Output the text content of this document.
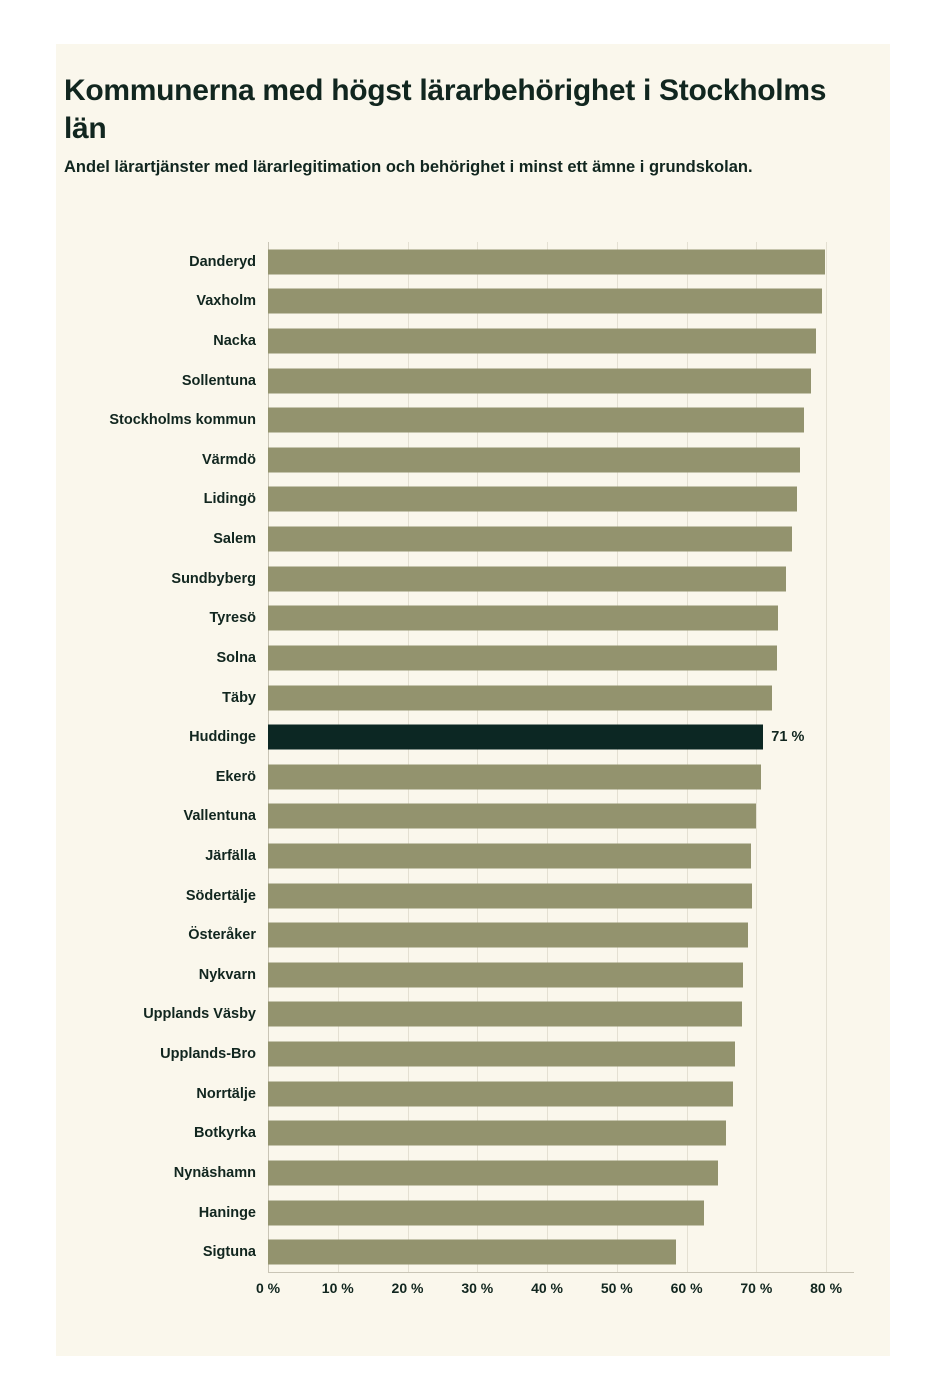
Kommunerna med högst lärarbehörighet i Stockholms län
Andel lärartjänster med lärarlegitimation och behörighet i minst ett ämne i grundskolan.
Danderyd
Vaxholm
Nacka
Sollentuna
Stockholms kommun
Värmdö
Lidingö
Salem
Sundbyberg
Tyresö
Solna
Täby
Huddinge	71 %
Ekerö
Vallentuna
Järfälla
Södertälje
Österåker
Nykvarn
Upplands Väsby
Upplands-Bro
Norrtälje
Botkyrka
Nynäshamn
Haninge
Sigtuna
0 %	10 %	20 %	30 %	40 %	50 %	60 %	70 %	80 %
